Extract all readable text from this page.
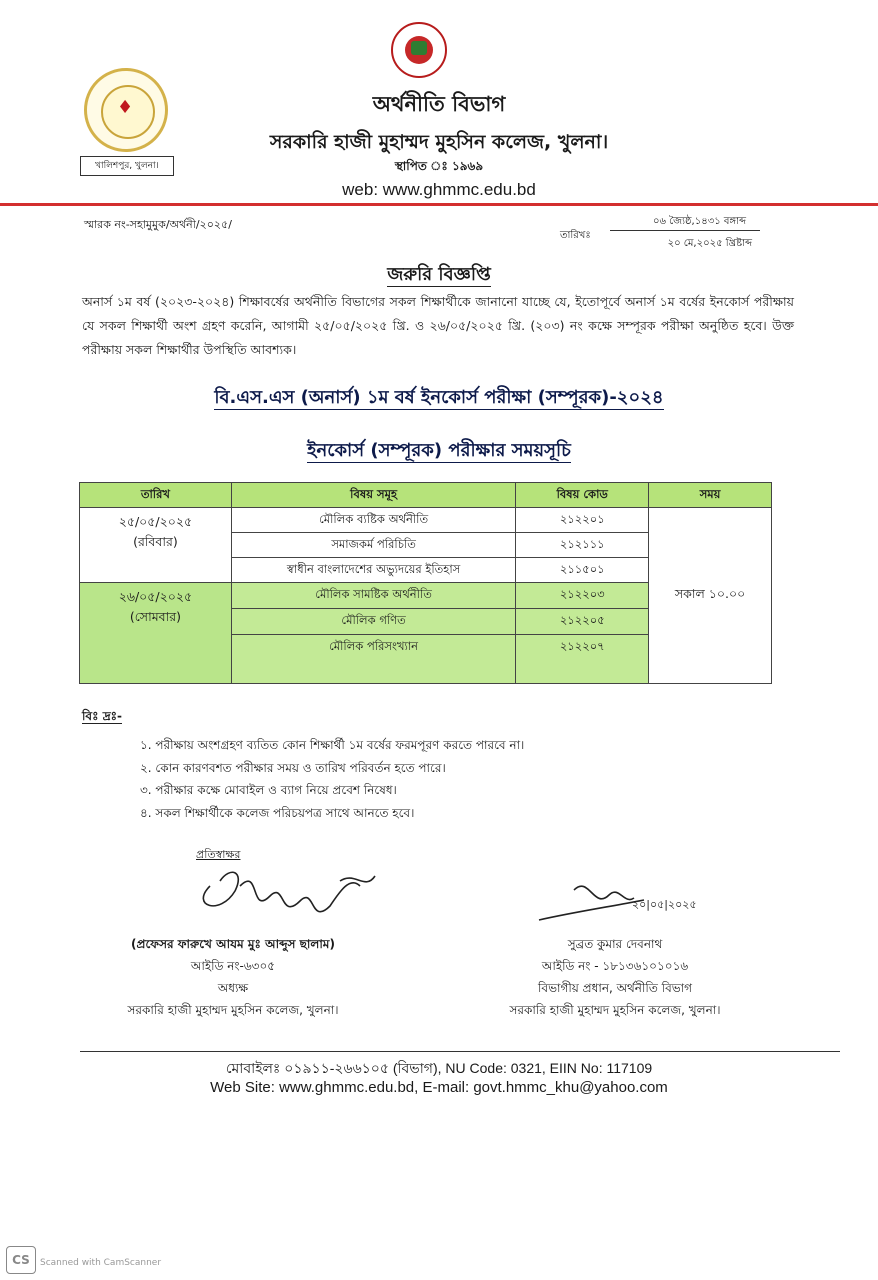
♦
খালিশপুর, খুলনা।
অর্থনীতি বিভাগ
সরকারি হাজী মুহাম্মদ মুহসিন কলেজ, খুলনা।
স্থাপিত ঃ ১৯৬৯
web: www.ghmmc.edu.bd
স্মারক নং-সহামুমুক/অর্থনী/২০২৫/
তারিখঃ
০৬ জ্যৈষ্ঠ,১৪৩১ বঙ্গাব্দ
২০ মে,২০২৫ খ্রিষ্টাব্দ
জরুরি বিজ্ঞপ্তি
অনার্স ১ম বর্ষ (২০২৩-২০২৪) শিক্ষাবর্ষের অর্থনীতি বিভাগের সকল শিক্ষার্থীকে জানানো যাচ্ছে যে, ইতোপূর্বে অনার্স ১ম বর্ষের ইনকোর্স পরীক্ষায় যে সকল শিক্ষার্থী অংশ গ্রহণ করেনি, আগামী ২৫/০৫/২০২৫ খ্রি. ও ২৬/০৫/২০২৫ খ্রি. (২০৩) নং কক্ষে সম্পূরক পরীক্ষা অনুষ্ঠিত হবে। উক্ত পরীক্ষায় সকল শিক্ষার্থীর উপস্থিতি আবশ্যক।
বি.এস.এস (অনার্স) ১ম বর্ষ ইনকোর্স পরীক্ষা (সম্পূরক)-২০২৪
ইনকোর্স (সম্পূরক) পরীক্ষার সময়সূচি
তারিখ	বিষয় সমূহ	বিষয় কোড	সময়

২৫/০৫/২০২৫
(রবিবার)	মৌলিক ব্যষ্টিক অর্থনীতি	২১২২০১	সকাল ১০.০০
	সমাজকর্ম পরিচিতি	২১২১১১	
	স্বাধীন বাংলাদেশের অভ্যুদয়ের ইতিহাস	২১১৫০১	

২৬/০৫/২০২৫
(সোমবার)	মৌলিক সামষ্টিক অর্থনীতি	২১২২০৩	
	মৌলিক গণিত	২১২২০৫	
	মৌলিক পরিসংখ্যান	২১২২০৭	
বিঃ দ্রঃ-
১. পরীক্ষায় অংশগ্রহণ ব্যতিত কোন শিক্ষার্থী ১ম বর্ষের ফরমপূরণ করতে পারবে না।
২. কোন কারণবশত পরীক্ষার সময় ও তারিখ পরিবর্তন হতে পারে।
৩. পরীক্ষার কক্ষে মোবাইল ও ব্যাগ নিয়ে প্রবেশ নিষেধ।
৪. সকল শিক্ষার্থীকে কলেজ পরিচয়পত্র সাথে আনতে হবে।
প্রতিস্বাক্ষর
২০|০৫|২০২৫
(প্রফেসর ফারুখে আযম মুঃ আব্দুস ছালাম)
আইডি নং-৬৩০৫
অধ্যক্ষ
সরকারি হাজী মুহাম্মদ মুহসিন কলেজ, খুলনা।
সুব্রত কুমার দেবনাথ
আইডি নং - ১৮১৩৬১০১০১৬
বিভাগীয় প্রধান, অর্থনীতি বিভাগ
সরকারি হাজী মুহাম্মদ মুহসিন কলেজ, খুলনা।
মোবাইলঃ ০১৯১১-২৬৬১০৫ (বিভাগ), NU Code: 0321, EIIN No: 117109
Web Site: www.ghmmc.edu.bd, E-mail: govt.hmmc_khu@yahoo.com
CS	Scanned with CamScanner
